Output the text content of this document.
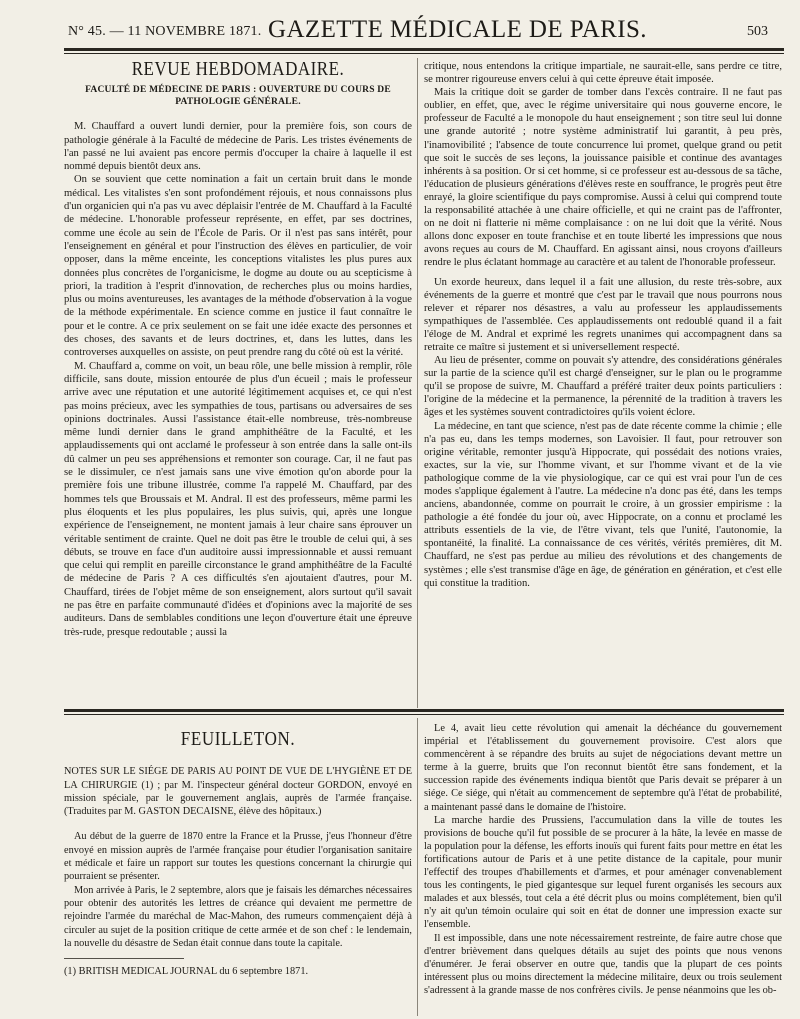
N° 45. — 11 NOVEMBRE 1871. GAZETTE MÉDICALE DE PARIS.	503
REVUE HEBDOMADAIRE.
FACULTÉ DE MÉDECINE DE PARIS : OUVERTURE DU COURS DE PATHOLOGIE GÉNÉRALE.

M. Chauffard a ouvert lundi dernier, pour la première fois, son cours de pathologie générale à la Faculté de médecine de Paris. Les tristes événements de l'an passé ne lui avaient pas encore permis d'occuper la chaire à laquelle il est nommé depuis bientôt deux ans.

On se souvient que cette nomination a fait un certain bruit dans le monde médical. Les vitalistes s'en sont profondément réjouis, et nous connaissons plus d'un organicien qui n'a pas vu avec déplaisir l'entrée de M. Chauffard à la Faculté de médecine. L'honorable professeur représente, en effet, par ses doctrines, comme une école au sein de l'École de Paris. Or il n'est pas sans intérêt, pour l'enseignement en général et pour l'instruction des élèves en particulier, de voir opposer, dans la même enceinte, les conceptions vitalistes les plus pures aux données plus concrètes de l'organicisme, le dogme au doute ou au scepticisme à priori, la tradition à l'esprit d'innovation, de recherches plus ou moins hardies, plus ou moins aventureuses, les avantages de la méthode d'observation à la vogue de la méthode expérimentale. En science comme en justice il faut connaître le pour et le contre. A ce prix seulement on se fait une idée exacte des personnes et des choses, des savants et de leurs doctrines, et, dans les luttes, dans les controverses auxquelles on assiste, on peut prendre rang du côté où est la vérité.

M. Chauffard a, comme on voit, un beau rôle, une belle mission à remplir, rôle difficile, sans doute, mission entourée de plus d'un écueil ; mais le professeur arrive avec une réputation et une autorité légitimement acquises et, ce qui n'est pas moins précieux, avec les sympathies de tous, partisans ou adversaires de ses opinions doctrinales. Aussi l'assistance était-elle nombreuse, très-nombreuse même lundi dernier dans le grand amphithéâtre de la Faculté, et les applaudissements qui ont acclamé le professeur à son entrée dans la salle ont-ils dû calmer un peu ses appréhensions et remonter son courage. Car, il ne faut pas se le dissimuler, ce n'est jamais sans une vive émotion qu'on aborde pour la première fois une tribune illustrée, comme l'a rappelé M. Chauffard, par des hommes tels que Broussais et M. Andral. Il est des professeurs, même parmi les plus éloquents et les plus populaires, les plus suivis, qui, après une longue expérience de l'enseignement, ne montent jamais à leur chaire sans éprouver un véritable sentiment de crainte. Quel ne doit pas être le trouble de celui qui, à ses débuts, se trouve en face d'un auditoire aussi impressionnable et aussi remuant que celui qui remplit en pareille circonstance le grand amphithéâtre de la Faculté de médecine de Paris ? A ces difficultés s'en ajoutaient d'autres, pour M. Chauffard, tirées de l'objet même de son enseignement, alors surtout qu'il savait ne pas être en parfaite communauté d'idées et d'opinions avec la majorité de ses auditeurs. Dans de semblables conditions une leçon d'ouverture était une épreuve très-rude, presque redoutable ; aussi la

critique, nous entendons la critique impartiale, ne saurait-elle, sans perdre ce titre, se montrer rigoureuse envers celui à qui cette épreuve était imposée.

Mais la critique doit se garder de tomber dans l'excès contraire. Il ne faut pas oublier, en effet, que, avec le régime universitaire qui nous gouverne encore, le professeur de Faculté a le monopole du haut enseignement ; son titre seul lui donne une grande autorité ; notre système administratif lui garantit, à peu près, l'inamovibilité ; l'absence de toute concurrence lui promet, quelque grand ou petit que soit le succès de ses leçons, la jouissance paisible et continue des avantages inhérents à sa position. Or si cet homme, si ce professeur est au-dessous de sa tâche, l'éducation de plusieurs générations d'élèves reste en souffrance, le progrès peut être enrayé, la gloire scientifique du pays compromise. Aussi à celui qui comprend toute la responsabilité attachée à une chaire officielle, et qui ne craint pas de l'affronter, on ne doit ni flatterie ni même complaisance : on ne lui doit que la vérité. Nous allons donc exposer en toute franchise et en toute liberté les impressions que nous avons reçues au cours de M. Chauffard. En agissant ainsi, nous croyons d'ailleurs rendre le plus éclatant hommage au caractère et au talent de l'honorable professeur.

Un exorde heureux, dans lequel il a fait une allusion, du reste très-sobre, aux événements de la guerre et montré que c'est par le travail que nous pourrons nous relever et réparer nos désastres, a valu au professeur les applaudissements sympathiques de l'assemblée. Ces applaudissements ont redoublé quand il a fait l'éloge de M. Andral et exprimé les regrets unanimes qui accompagnent dans sa retraite ce maître si justement et si universellement respecté.

Au lieu de présenter, comme on pouvait s'y attendre, des considérations générales sur la partie de la science qu'il est chargé d'enseigner, sur le plan ou le programme qu'il se propose de suivre, M. Chauffard a préféré traiter deux points particuliers : l'origine de la médecine et la permanence, la pérennité de la tradition à travers les âges et les systèmes souvent contradictoires qu'ils voient éclore.

La médecine, en tant que science, n'est pas de date récente comme la chimie ; elle n'a pas eu, dans les temps modernes, son Lavoisier. Il faut, pour retrouver son origine véritable, remonter jusqu'à Hippocrate, qui possédait des notions vraies, exactes, sur la vie, sur l'homme vivant, et sur l'homme vivant et de la vie pathologique comme de la vie physiologique, car ce qui est vrai pour l'un de ces modes s'applique également à l'autre. La médecine n'a donc pas été, dans les temps anciens, abandonnée, comme on pourrait le croire, à un grossier empirisme : la pathologie a été fondée du jour où, avec Hippocrate, on a connu et proclamé les attributs essentiels de la vie, de l'être vivant, tels que l'unité, l'autonomie, la spontanéité, la finalité. La connaissance de ces vérités, vérités premières, dit M. Chauffard, ne s'est pas perdue au milieu des révolutions et des changements de systèmes ; elle s'est transmise d'âge en âge, de génération en génération, et c'est elle qui constitue la tradition.

FEUILLETON.

NOTES SUR LE SIÉGE DE PARIS AU POINT DE VUE DE L'HYGIÈNE ET DE LA CHIRURGIE (1) ; par M. l'inspecteur général docteur GORDON, envoyé en mission spéciale, par le gouvernement anglais, auprès de l'armée française. (Traduites par M. GASTON DECAISNE, élève des hôpitaux.)

Au début de la guerre de 1870 entre la France et la Prusse, j'eus l'honneur d'être envoyé en mission auprès de l'armée française pour étudier l'organisation sanitaire et médicale et faire un rapport sur toutes les questions concernant la chirurgie qui pourraient se présenter.

Mon arrivée à Paris, le 2 septembre, alors que je faisais les démarches nécessaires pour obtenir des autorités les lettres de créance qui devaient me permettre de rejoindre l'armée du maréchal de Mac-Mahon, des rumeurs commençaient déjà à circuler au sujet de la position critique de cette armée et de son chef : le lendemain, la nouvelle du désastre de Sedan était connue dans toute la capitale.

(1) BRITISH MEDICAL JOURNAL du 6 septembre 1871.

Le 4, avait lieu cette révolution qui amenait la déchéance du gouvernement impérial et l'établissement du gouvernement provisoire. C'est alors que commencèrent à se répandre des bruits au sujet de négociations devant mettre un terme à la guerre, bruits que l'on reconnut bientôt être sans fondement, et la succession rapide des événements indiqua bientôt que Paris devait se préparer à un siége. Ce siége, qui n'était au commencement de septembre qu'à l'état de probabilité, a maintenant passé dans le domaine de l'histoire.

La marche hardie des Prussiens, l'accumulation dans la ville de toutes les provisions de bouche qu'il fut possible de se procurer à la hâte, la levée en masse de la population pour la défense, les efforts inouïs qui furent faits pour mettre en état les fortifications autour de Paris et à une petite distance de la capitale, pour munir l'effectif des troupes d'habillements et d'armes, et pour aménager convenablement tous les contingents, le pied gigantesque sur lequel furent organisés les secours aux malades et aux blessés, tout cela a été décrit plus ou moins complétement, bien qu'il n'y ait qu'un témoin oculaire qui soit en état de donner une impression exacte sur l'ensemble.

Il est impossible, dans une note nécessairement restreinte, de faire autre chose que d'entrer brièvement dans quelques détails au sujet des points que nous venons d'énumérer. Je ferai observer en outre que, tandis que la plupart de ces points intéressent plus ou moins directement la médecine militaire, deux ou trois seulement s'adressent à la grande masse de nos confrères civils. Je pense néanmoins que les ob-
